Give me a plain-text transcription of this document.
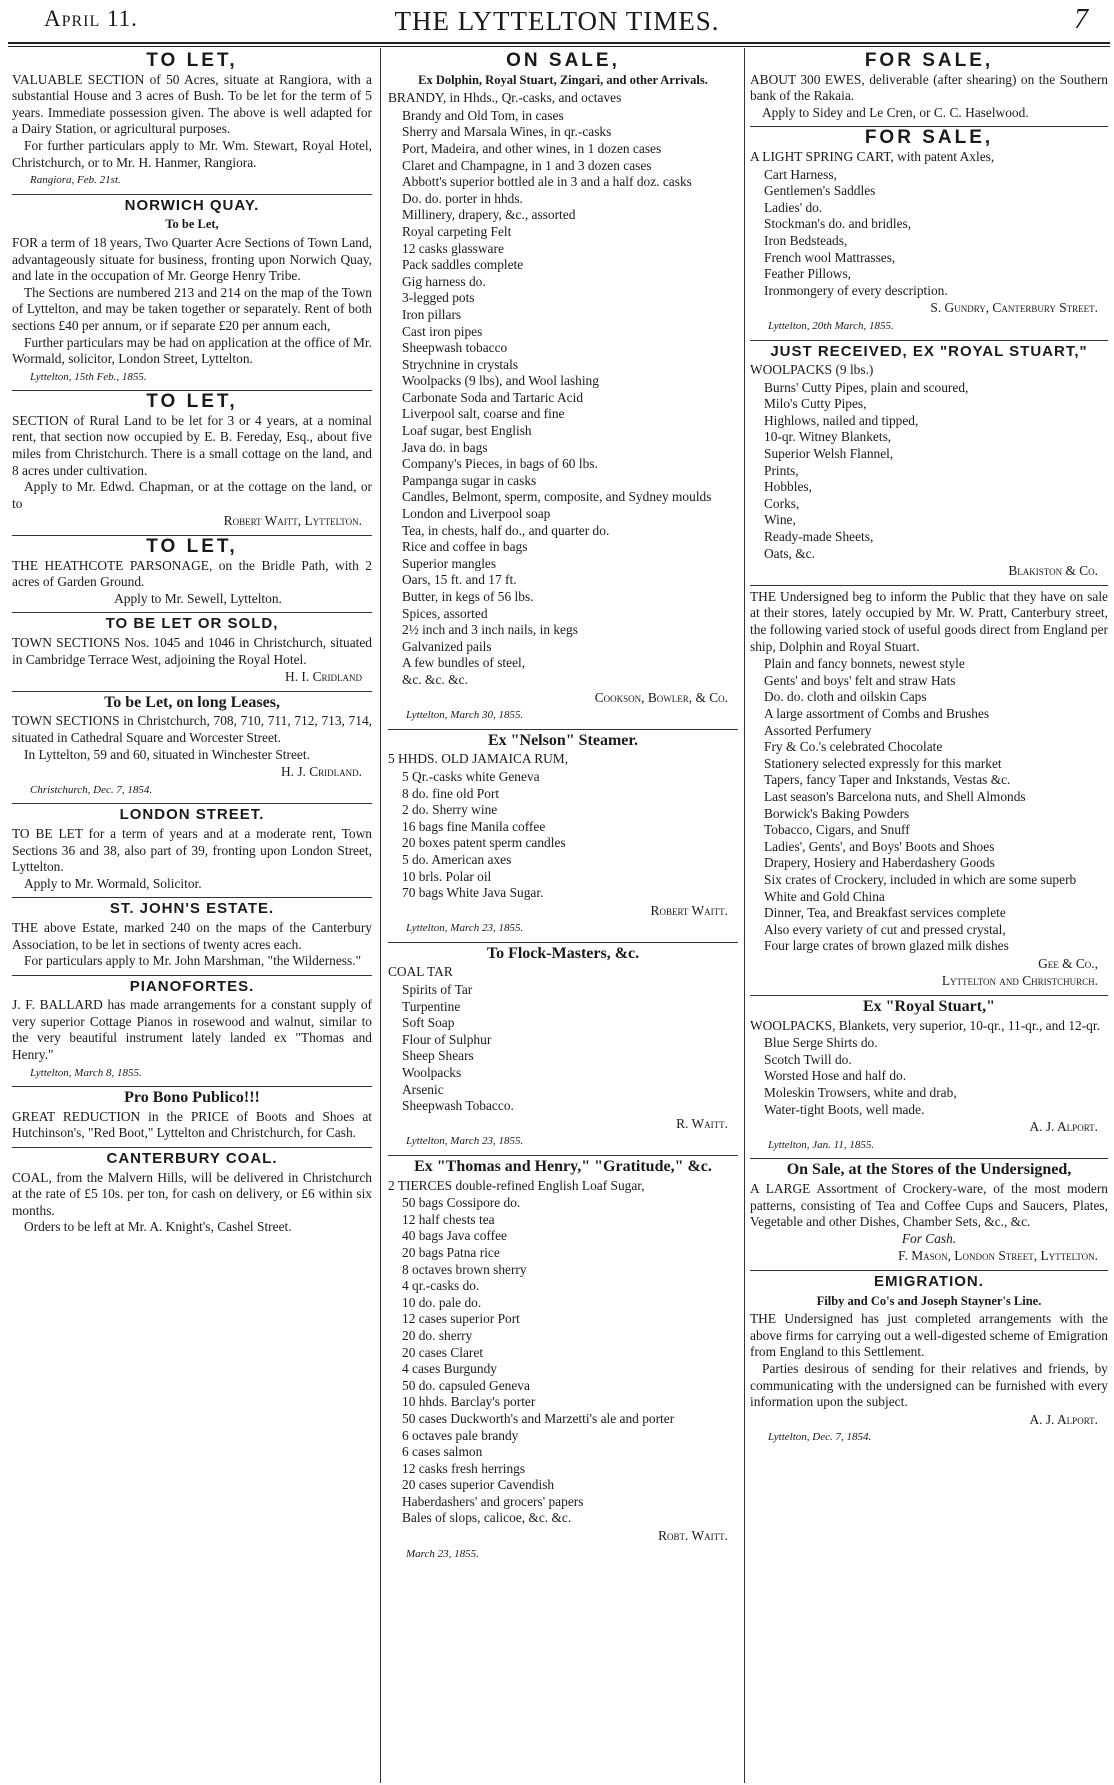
April 11.	THE LYTTELTON TIMES.	7
TO LET,

VALUABLE SECTION of 50 Acres, situate at Rangiora, with a substantial House and 3 acres of Bush. To be let for the term of 5 years. Immediate possession given. The above is well adapted for a Dairy Station, or agricultural purposes.

For further particulars apply to Mr. Wm. Stewart, Royal Hotel, Christchurch, or to Mr. H. Hanmer, Rangiora.

Rangiora, Feb. 21st.
NORWICH QUAY.
To be Let,

FOR a term of 18 years, Two Quarter Acre Sections of Town Land, advantageously situate for business, fronting upon Norwich Quay, and late in the occupation of Mr. George Henry Tribe.

The Sections are numbered 213 and 214 on the map of the Town of Lyttelton, and may be taken together or separately. Rent of both sections £40 per annum, or if separate £20 per annum each,

Further particulars may be had on application at the office of Mr. Wormald, solicitor, London Street, Lyttelton.

Lyttelton, 15th Feb., 1855.
TO LET,

SECTION of Rural Land to be let for 3 or 4 years, at a nominal rent, that section now occupied by E. B. Fereday, Esq., about five miles from Christchurch. There is a small cottage on the land, and 8 acres under cultivation.

Apply to Mr. Edwd. Chapman, or at the cottage on the land, or to

Robert Waitt, Lyttelton.
TO LET,

THE HEATHCOTE PARSONAGE, on the Bridle Path, with 2 acres of Garden Ground.

Apply to Mr. Sewell, Lyttelton.

TO BE LET OR SOLD,

TOWN SECTIONS Nos. 1045 and 1046 in Christchurch, situated in Cambridge Terrace West, adjoining the Royal Hotel.

H. I. Cridland
To be Let, on long Leases,

TOWN SECTIONS in Christchurch, 708, 710, 711, 712, 713, 714, situated in Cathedral Square and Worcester Street.

In Lyttelton, 59 and 60, situated in Winchester Street.

H. J. Cridland.
Christchurch, Dec. 7, 1854.
LONDON STREET.

TO BE LET for a term of years and at a moderate rent, Town Sections 36 and 38, also part of 39, fronting upon London Street, Lyttelton.

Apply to Mr. Wormald, Solicitor.

ST. JOHN'S ESTATE.

THE above Estate, marked 240 on the maps of the Canterbury Association, to be let in sections of twenty acres each.

For particulars apply to Mr. John Marshman, "the Wilderness."

PIANOFORTES.

J. F. BALLARD has made arrangements for a constant supply of very superior Cottage Pianos in rosewood and walnut, similar to the very beautiful instrument lately landed ex "Thomas and Henry."

Lyttelton, March 8, 1855.
Pro Bono Publico!!!

GREAT REDUCTION in the PRICE of Boots and Shoes at Hutchinson's, "Red Boot," Lyttelton and Christchurch, for Cash.

CANTERBURY COAL.

COAL, from the Malvern Hills, will be delivered in Christchurch at the rate of £5 10s. per ton, for cash on delivery, or £6 within six months.

Orders to be left at Mr. A. Knight's, Cashel Street.

ON SALE,
Ex Dolphin, Royal Stuart, Zingari, and other Arrivals.

BRANDY, in Hhds., Qr.-casks, and octaves

Brandy and Old Tom, in cases
Sherry and Marsala Wines, in qr.-casks
Port, Madeira, and other wines, in 1 dozen cases
Claret and Champagne, in 1 and 3 dozen cases
Abbott's superior bottled ale in 3 and a half doz. casks
Do. do. porter in hhds.
Millinery, drapery, &c., assorted
Royal carpeting Felt
12 casks glassware
Pack saddles complete
Gig harness do.
3-legged pots
Iron pillars
Cast iron pipes
Sheepwash tobacco
Strychnine in crystals
Woolpacks (9 lbs), and Wool lashing
Carbonate Soda and Tartaric Acid
Liverpool salt, coarse and fine
Loaf sugar, best English
Java do. in bags
Company's Pieces, in bags of 60 lbs.
Pampanga sugar in casks
Candles, Belmont, sperm, composite, and Sydney moulds
London and Liverpool soap
Tea, in chests, half do., and quarter do.
Rice and coffee in bags
Superior mangles
Oars, 15 ft. and 17 ft.
Butter, in kegs of 56 lbs.
Spices, assorted
2½ inch and 3 inch nails, in kegs
Galvanized pails
A few bundles of steel,
&c. &c. &c.
Cookson, Bowler, & Co.
Lyttelton, March 30, 1855.
Ex "Nelson" Steamer.

5 HHDS. OLD JAMAICA RUM,

5 Qr.-casks white Geneva
8 do. fine old Port
2 do. Sherry wine
16 bags fine Manila coffee
20 boxes patent sperm candles
5 do. American axes
10 brls. Polar oil
70 bags White Java Sugar.
Robert Waitt.
Lyttelton, March 23, 1855.
To Flock-Masters, &c.

COAL TAR

Spirits of Tar
Turpentine
Soft Soap
Flour of Sulphur
Sheep Shears
Woolpacks
Arsenic
Sheepwash Tobacco.
R. Waitt.
Lyttelton, March 23, 1855.
Ex "Thomas and Henry," "Gratitude," &c.

2 TIERCES double-refined English Loaf Sugar,

50 bags Cossipore do.
12 half chests tea
40 bags Java coffee
20 bags Patna rice
8 octaves brown sherry
4 qr.-casks do.
10 do. pale do.
12 cases superior Port
20 do. sherry
20 cases Claret
4 cases Burgundy
50 do. capsuled Geneva
10 hhds. Barclay's porter
50 cases Duckworth's and Marzetti's ale and porter
6 octaves pale brandy
6 cases salmon
12 casks fresh herrings
20 cases superior Cavendish
Haberdashers' and grocers' papers
Bales of slops, calicoe, &c. &c.
Robt. Waitt.
March 23, 1855.
FOR SALE,

ABOUT 300 EWES, deliverable (after shearing) on the Southern bank of the Rakaia.

Apply to Sidey and Le Cren, or C. C. Haselwood.

FOR SALE,

A LIGHT SPRING CART, with patent Axles,

Cart Harness,
Gentlemen's Saddles
Ladies' do.
Stockman's do. and bridles,
Iron Bedsteads,
French wool Mattrasses,
Feather Pillows,
Ironmongery of every description.
S. Gundry, Canterbury Street.
Lyttelton, 20th March, 1855.
JUST RECEIVED, EX "ROYAL STUART,"

WOOLPACKS (9 lbs.)

Burns' Cutty Pipes, plain and scoured,
Milo's Cutty Pipes,
Highlows, nailed and tipped,
10-qr. Witney Blankets,
Superior Welsh Flannel,
Prints,
Hobbles,
Corks,
Wine,
Ready-made Sheets,
Oats, &c.
Blakiston & Co.

THE Undersigned beg to inform the Public that they have on sale at their stores, lately occupied by Mr. W. Pratt, Canterbury street, the following varied stock of useful goods direct from England per ship, Dolphin and Royal Stuart.

Plain and fancy bonnets, newest style
Gents' and boys' felt and straw Hats
Do. do. cloth and oilskin Caps
A large assortment of Combs and Brushes
Assorted Perfumery
Fry & Co.'s celebrated Chocolate
Stationery selected expressly for this market
Tapers, fancy Taper and Inkstands, Vestas &c.
Last season's Barcelona nuts, and Shell Almonds
Borwick's Baking Powders
Tobacco, Cigars, and Snuff
Ladies', Gents', and Boys' Boots and Shoes
Drapery, Hosiery and Haberdashery Goods
Six crates of Crockery, included in which are some superb White and Gold China
Dinner, Tea, and Breakfast services complete
Also every variety of cut and pressed crystal,
Four large crates of brown glazed milk dishes
Gee & Co.,
Lyttelton and Christchurch.
Ex "Royal Stuart,"

WOOLPACKS, Blankets, very superior, 10-qr., 11-qr., and 12-qr.

Blue Serge Shirts do.
Scotch Twill do.
Worsted Hose and half do.
Moleskin Trowsers, white and drab,
Water-tight Boots, well made.
A. J. Alport.
Lyttelton, Jan. 11, 1855.
On Sale, at the Stores of the Undersigned,

A LARGE Assortment of Crockery-ware, of the most modern patterns, consisting of Tea and Coffee Cups and Saucers, Plates, Vegetable and other Dishes, Chamber Sets, &c., &c.

For Cash.
F. Mason, London Street, Lyttelton.
EMIGRATION.
Filby and Co's and Joseph Stayner's Line.

THE Undersigned has just completed arrangements with the above firms for carrying out a well-digested scheme of Emigration from England to this Settlement.

Parties desirous of sending for their relatives and friends, by communicating with the undersigned can be furnished with every information upon the subject.

A. J. Alport.
Lyttelton, Dec. 7, 1854.
